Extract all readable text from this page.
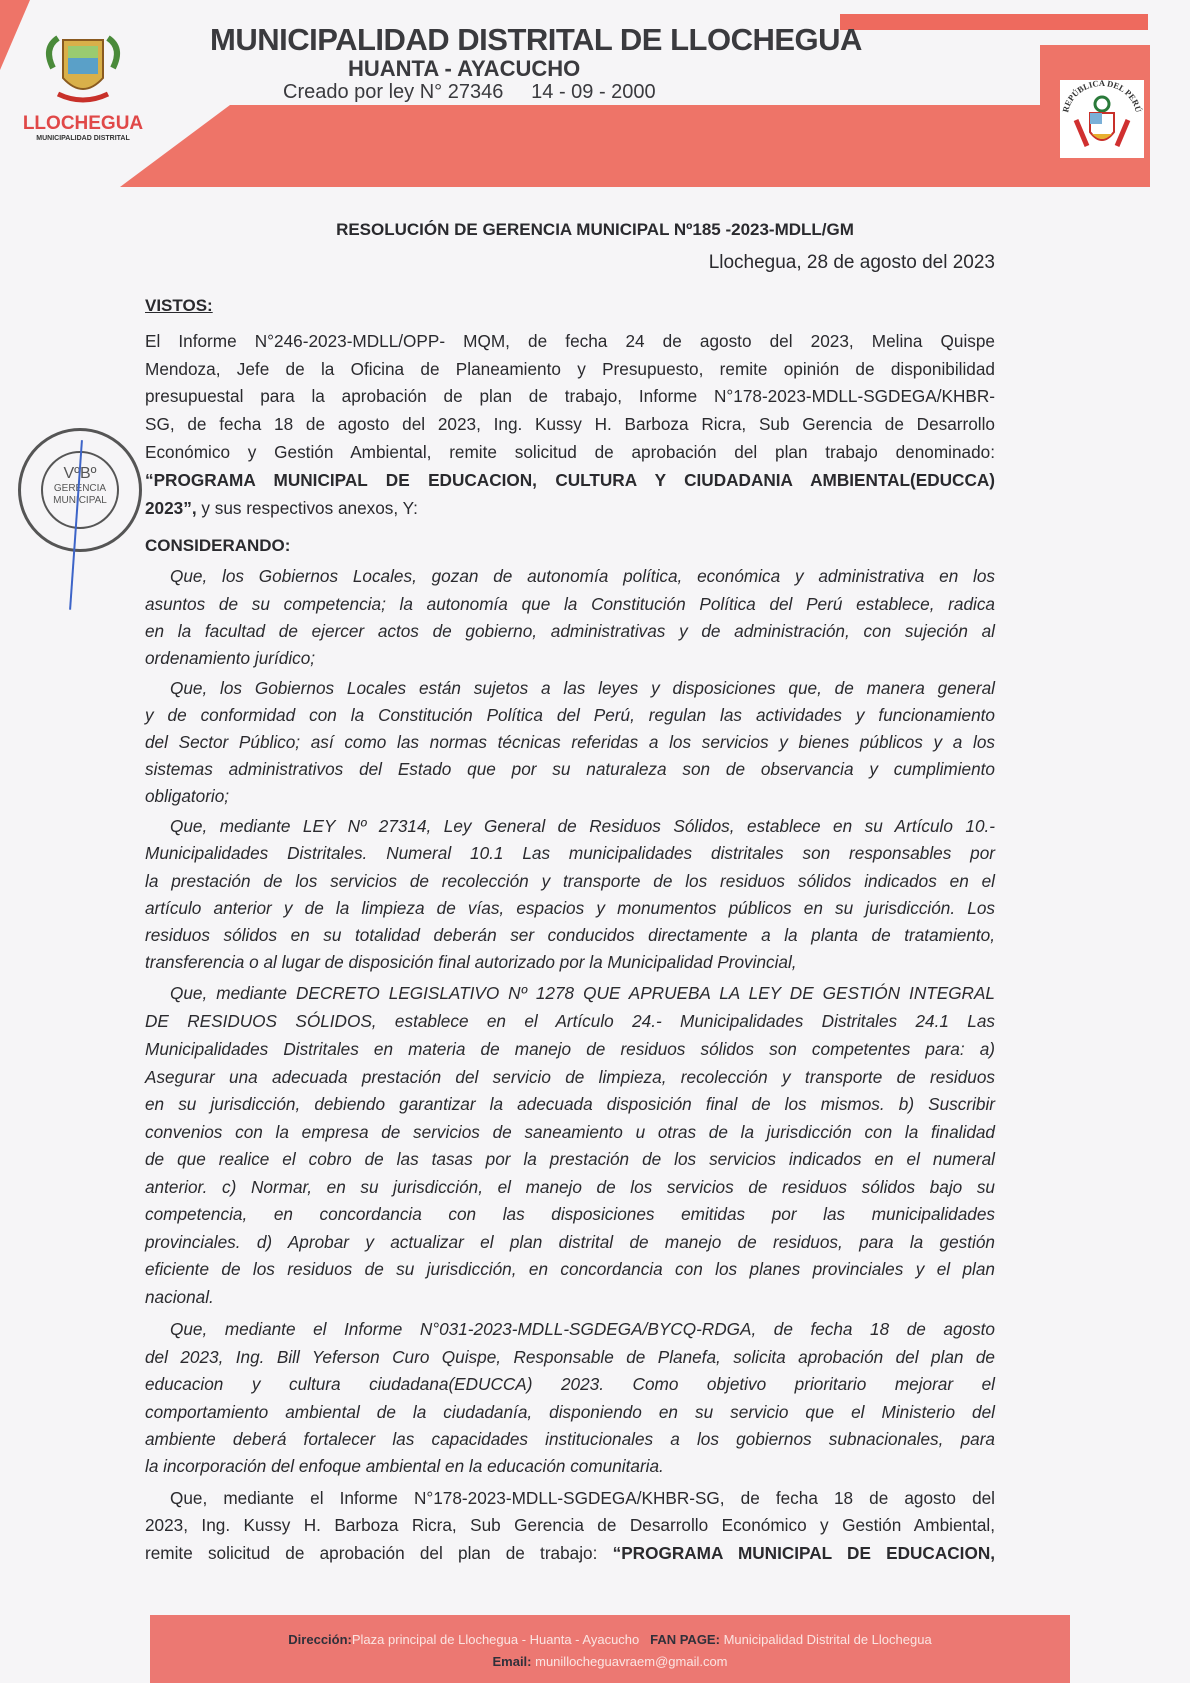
LLOCHEGUA
MUNICIPALIDAD DISTRITAL
MUNICIPALIDAD DISTRITAL DE LLOCHEGUA
HUANTA - AYACUCHO
Creado por ley N° 27346     14 - 09 - 2000
REPÚBLICA DEL PERÚ
RESOLUCIÓN DE GERENCIA MUNICIPAL Nº185 -2023-MDLL/GM
Llochegua, 28 de agosto del 2023
VISTOS:
CONSIDERANDO:
El Informe N°246-2023-MDLL/OPP- MQM, de fecha 24 de agosto del 2023, Melina Quispe
Mendoza, Jefe de la Oficina de Planeamiento y Presupuesto, remite opinión de disponibilidad
presupuestal para la aprobación de plan de trabajo, Informe N°178-2023-MDLL-SGDEGA/KHBR-
SG, de fecha 18 de agosto del 2023, Ing. Kussy H. Barboza Ricra, Sub Gerencia de Desarrollo
Económico y Gestión Ambiental, remite solicitud de aprobación del plan trabajo denominado:
“PROGRAMA MUNICIPAL DE EDUCACION, CULTURA Y CIUDADANIA AMBIENTAL(EDUCCA)
2023”, y sus respectivos anexos, Y:
Que, los Gobiernos Locales, gozan de autonomía política, económica y administrativa en los
asuntos de su competencia; la autonomía que la Constitución Política del Perú establece, radica
en la facultad de ejercer actos de gobierno, administrativas y de administración, con sujeción al
ordenamiento jurídico;
Que, los Gobiernos Locales están sujetos a las leyes y disposiciones que, de manera general
y de conformidad con la Constitución Política del Perú, regulan las actividades y funcionamiento
del Sector Público; así como las normas técnicas referidas a los servicios y bienes públicos y a los
sistemas administrativos del Estado que por su naturaleza son de observancia y cumplimiento
obligatorio;
Que, mediante LEY Nº 27314, Ley General de Residuos Sólidos, establece en su Artículo 10.-
Municipalidades Distritales. Numeral 10.1 Las municipalidades distritales son responsables por
la prestación de los servicios de recolección y transporte de los residuos sólidos indicados en el
artículo anterior y de la limpieza de vías, espacios y monumentos públicos en su jurisdicción. Los
residuos sólidos en su totalidad deberán ser conducidos directamente a la planta de tratamiento,
transferencia o al lugar de disposición final autorizado por la Municipalidad Provincial,
Que, mediante DECRETO LEGISLATIVO Nº 1278 QUE APRUEBA LA LEY DE GESTIÓN INTEGRAL
DE RESIDUOS SÓLIDOS, establece en el Artículo 24.- Municipalidades Distritales 24.1 Las
Municipalidades Distritales en materia de manejo de residuos sólidos son competentes para: a)
Asegurar una adecuada prestación del servicio de limpieza, recolección y transporte de residuos
en su jurisdicción, debiendo garantizar la adecuada disposición final de los mismos. b) Suscribir
convenios con la empresa de servicios de saneamiento u otras de la jurisdicción con la finalidad
de que realice el cobro de las tasas por la prestación de los servicios indicados en el numeral
anterior. c) Normar, en su jurisdicción, el manejo de los servicios de residuos sólidos bajo su
competencia, en concordancia con las disposiciones emitidas por las municipalidades
provinciales. d) Aprobar y actualizar el plan distrital de manejo de residuos, para la gestión
eficiente de los residuos de su jurisdicción, en concordancia con los planes provinciales y el plan
nacional.
Que, mediante el Informe N°031-2023-MDLL-SGDEGA/BYCQ-RDGA, de fecha 18 de agosto
del 2023, Ing. Bill Yeferson Curo Quispe, Responsable de Planefa, solicita aprobación del plan de
educacion y cultura ciudadana(EDUCCA) 2023. Como objetivo prioritario mejorar el
comportamiento ambiental de la ciudadanía, disponiendo en su servicio que el Ministerio del
ambiente deberá fortalecer las capacidades institucionales a los gobiernos subnacionales, para
la incorporación del enfoque ambiental en la educación comunitaria.
Que, mediante el Informe N°178-2023-MDLL-SGDEGA/KHBR-SG, de fecha 18 de agosto del
2023, Ing. Kussy H. Barboza Ricra, Sub Gerencia de Desarrollo Económico y Gestión Ambiental,
remite solicitud de aprobación del plan de trabajo: “PROGRAMA MUNICIPAL DE EDUCACION,
VºBº
GERENCIA
MUNICIPAL
Dirección:Plaza principal de Llochegua - Huanta - Ayacucho FAN PAGE: Municipalidad Distrital de Llochegua
Email: munillocheguavraem@gmail.com
